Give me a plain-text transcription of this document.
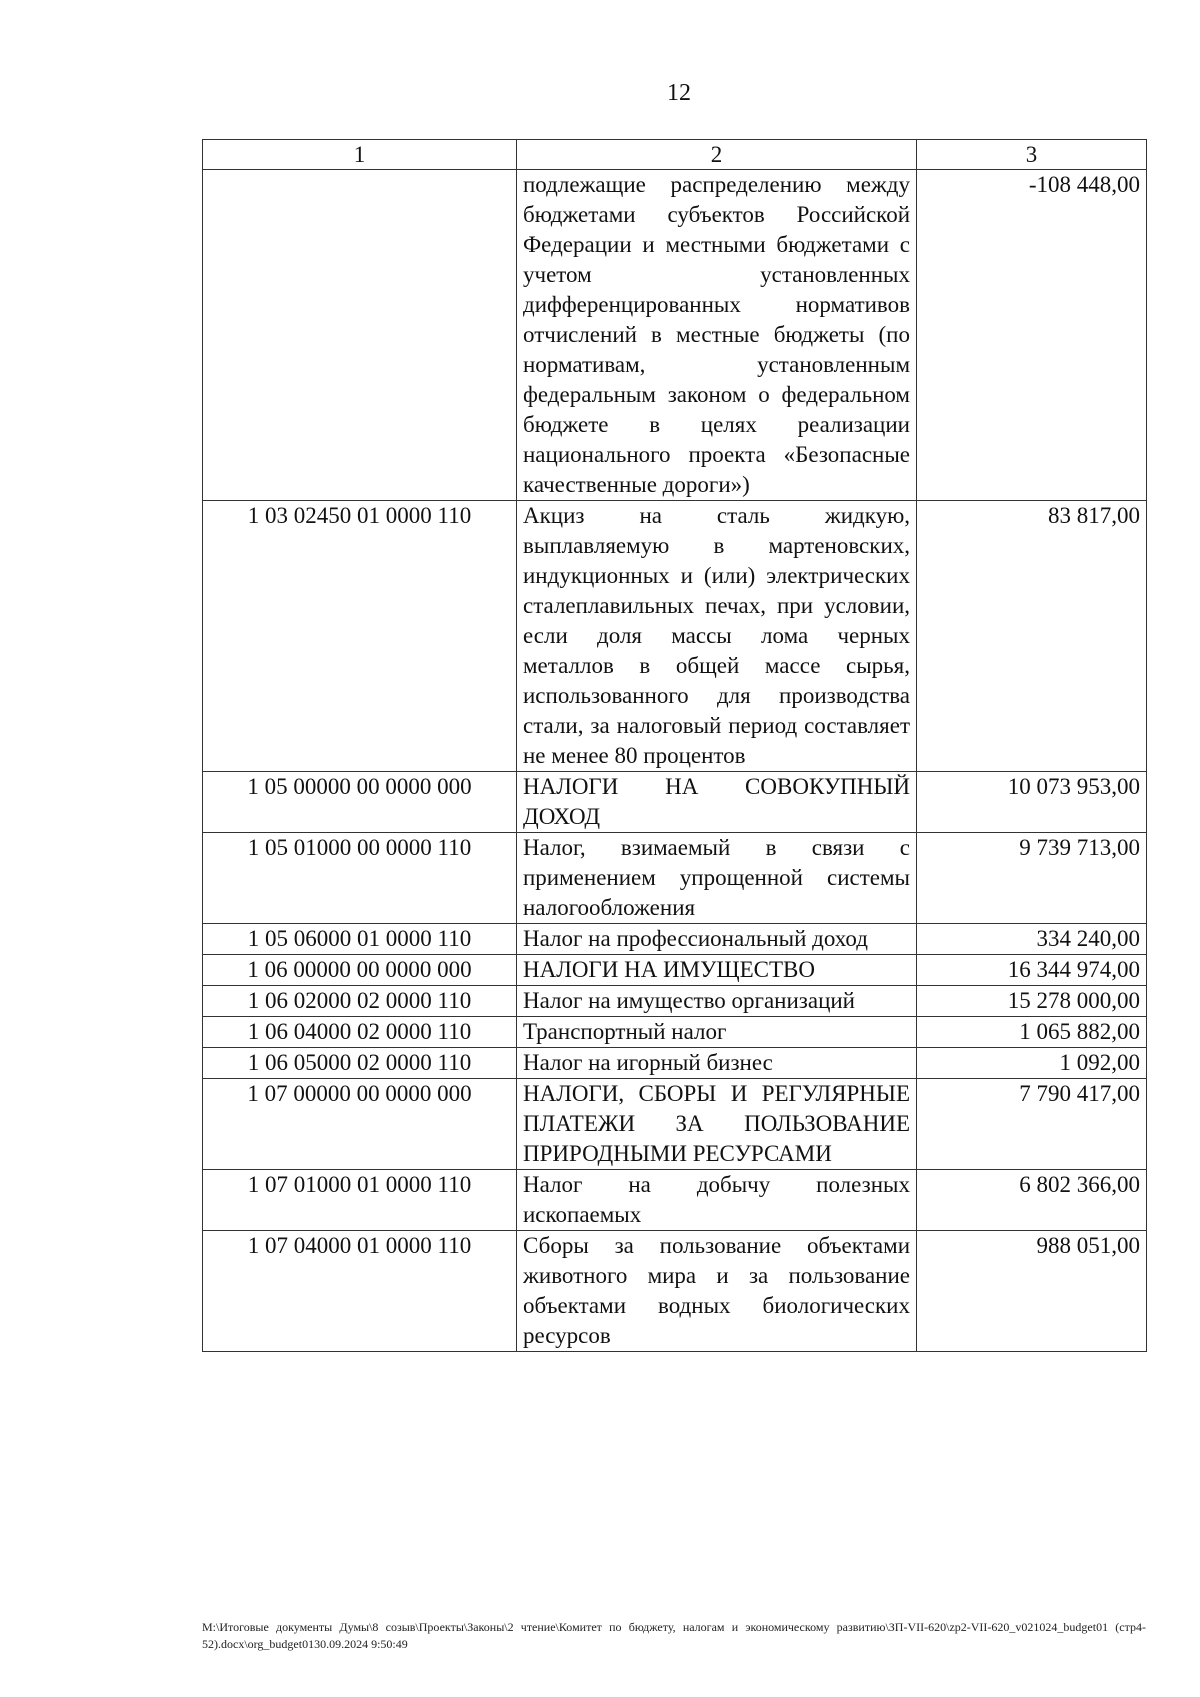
12
1	2	3
	подлежащие распределению между бюджетами субъектов Российской Федерации и местными бюджетами с учетом установленных дифференцированных нормативов отчислений в местные бюджеты (по нормативам, установленным федеральным законом о федеральном бюджете в целях реализации национального проекта «Безопасные качественные дороги»)	-108 448,00
1 03 02450 01 0000 110	Акциз на сталь жидкую, выплавляемую в мартеновских, индукционных и (или) электрических сталеплавильных печах, при условии, если доля массы лома черных металлов в общей массе сырья, использованного для производства стали, за налоговый период составляет не менее 80 процентов	83 817,00
1 05 00000 00 0000 000	НАЛОГИ НА СОВОКУПНЫЙ ДОХОД	10 073 953,00
1 05 01000 00 0000 110	Налог, взимаемый в связи с применением упрощенной системы налогообложения	9 739 713,00
1 05 06000 01 0000 110	Налог на профессиональный доход	334 240,00
1 06 00000 00 0000 000	НАЛОГИ НА ИМУЩЕСТВО	16 344 974,00
1 06 02000 02 0000 110	Налог на имущество организаций	15 278 000,00
1 06 04000 02 0000 110	Транспортный налог	1 065 882,00
1 06 05000 02 0000 110	Налог на игорный бизнес	1 092,00
1 07 00000 00 0000 000	НАЛОГИ, СБОРЫ И РЕГУЛЯРНЫЕ ПЛАТЕЖИ ЗА ПОЛЬЗОВАНИЕ ПРИРОДНЫМИ РЕСУРСАМИ	7 790 417,00
1 07 01000 01 0000 110	Налог на добычу полезных ископаемых	6 802 366,00
1 07 04000 01 0000 110	Сборы за пользование объектами животного мира и за пользование объектами водных биологических ресурсов	988 051,00
М:\Итоговые документы Думы\8 созыв\Проекты\Законы\2 чтение\Комитет по бюджету, налогам и экономическому развитию\ЗП-VII-620\zp2-VII-620_v021024_budget01 (стр4-52).docx\org_budget0130.09.2024 9:50:49
